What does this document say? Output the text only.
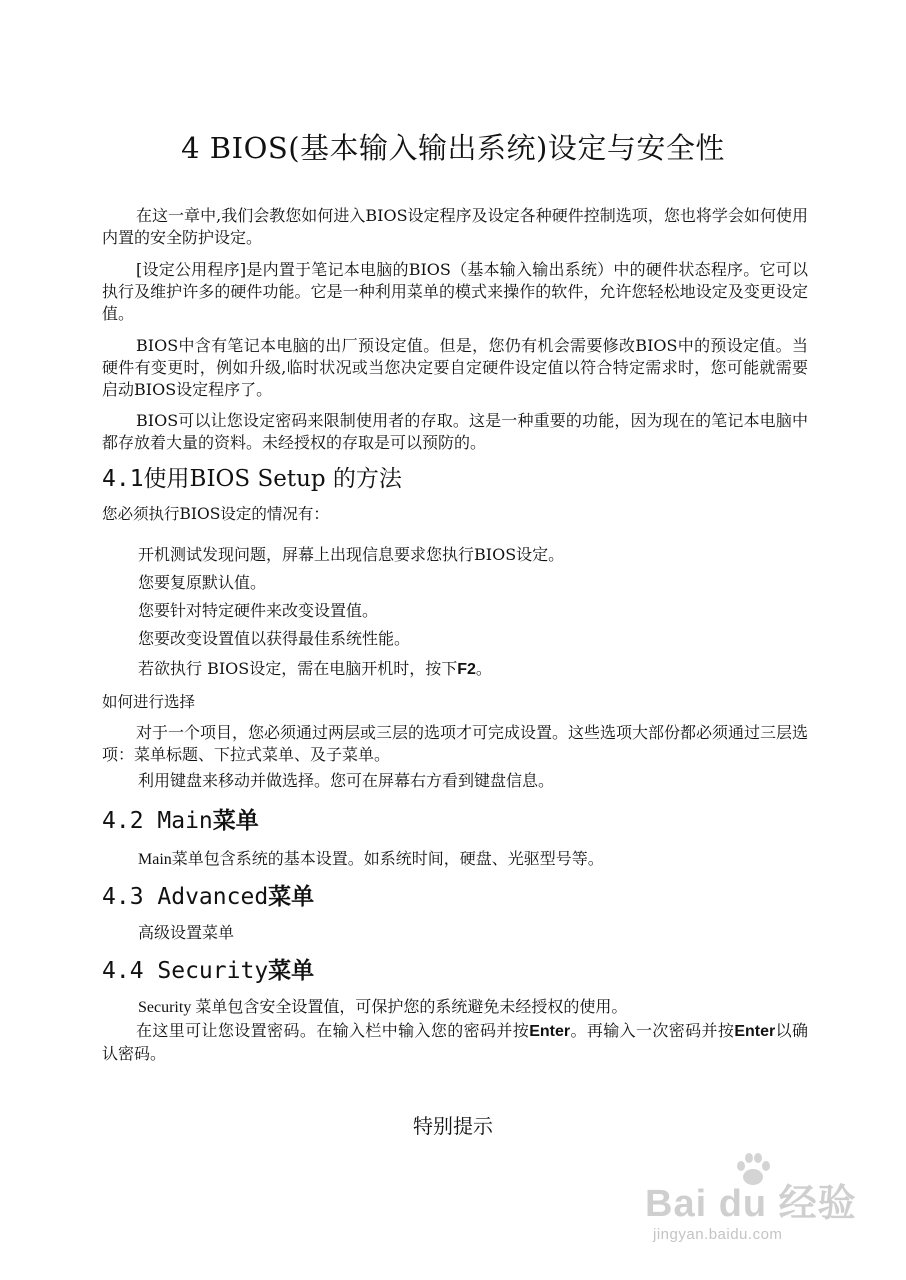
4 BIOS(基本输入输出系统)设定与安全性

在这一章中,我们会教您如何进入BIOS设定程序及设定各种硬件控制选项，您也将学会如何使用内置的安全防护设定。

[设定公用程序]是内置于笔记本电脑的BIOS（基本输入输出系统）中的硬件状态程序。它可以执行及维护许多的硬件功能。它是一种利用菜单的模式来操作的软件，允许您轻松地设定及变更设定值。

BIOS中含有笔记本电脑的出厂预设定值。但是，您仍有机会需要修改BIOS中的预设定值。当硬件有变更时，例如升级,临时状况或当您决定要自定硬件设定值以符合特定需求时，您可能就需要启动BIOS设定程序了。

BIOS可以让您设定密码来限制使用者的存取。这是一种重要的功能，因为现在的笔记本电脑中都存放着大量的资料。未经授权的存取是可以预防的。

4.1使用BIOS Setup 的方法

您必须执行BIOS设定的情况有：

开机测试发现问题，屏幕上出现信息要求您执行BIOS设定。

您要复原默认值。

您要针对特定硬件来改变设置值。

您要改变设置值以获得最佳系统性能。

若欲执行 BIOS设定，需在电脑开机时，按下F2。

如何进行选择

对于一个项目，您必须通过两层或三层的选项才可完成设置。这些选项大部份都必须通过三层选项：菜单标题、下拉式菜单、及子菜单。

利用键盘来移动并做选择。您可在屏幕右方看到键盘信息。

4.2 Main菜单

Main菜单包含系统的基本设置。如系统时间，硬盘、光驱型号等。

4.3 Advanced菜单

高级设置菜单

4.4 Security菜单

Security 菜单包含安全设置值，可保护您的系统避免未经授权的使用。

在这里可让您设置密码。在输入栏中输入您的密码并按Enter。再输入一次密码并按Enter以确认密码。

特别提示
Bai du 经验
jingyan.baidu.com
